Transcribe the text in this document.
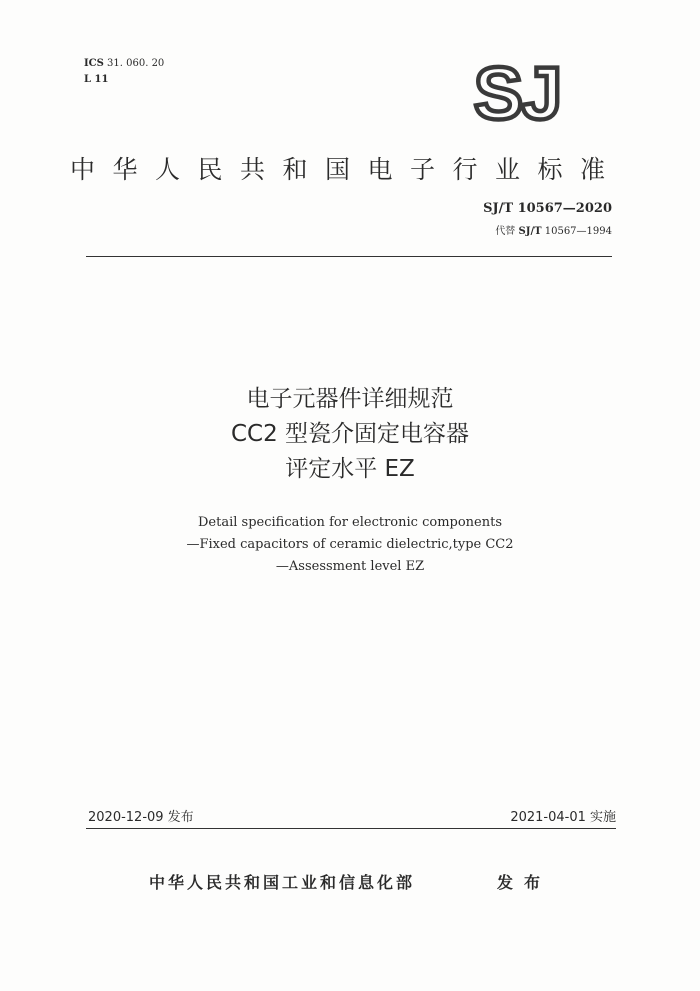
ICS 31. 060. 20
L 11	SJ
中华人民共和国电子行业标准
SJ/T 10567—2020
代替 SJ/T 10567—1994
电子元器件详细规范
CC2 型瓷介固定电容器
评定水平 EZ
Detail specification for electronic components
—Fixed capacitors of ceramic dielectric,type CC2
—Assessment level EZ
2020-12-09 发布	2021-04-01 实施
中华人民共和国工业和信息化部	发布
